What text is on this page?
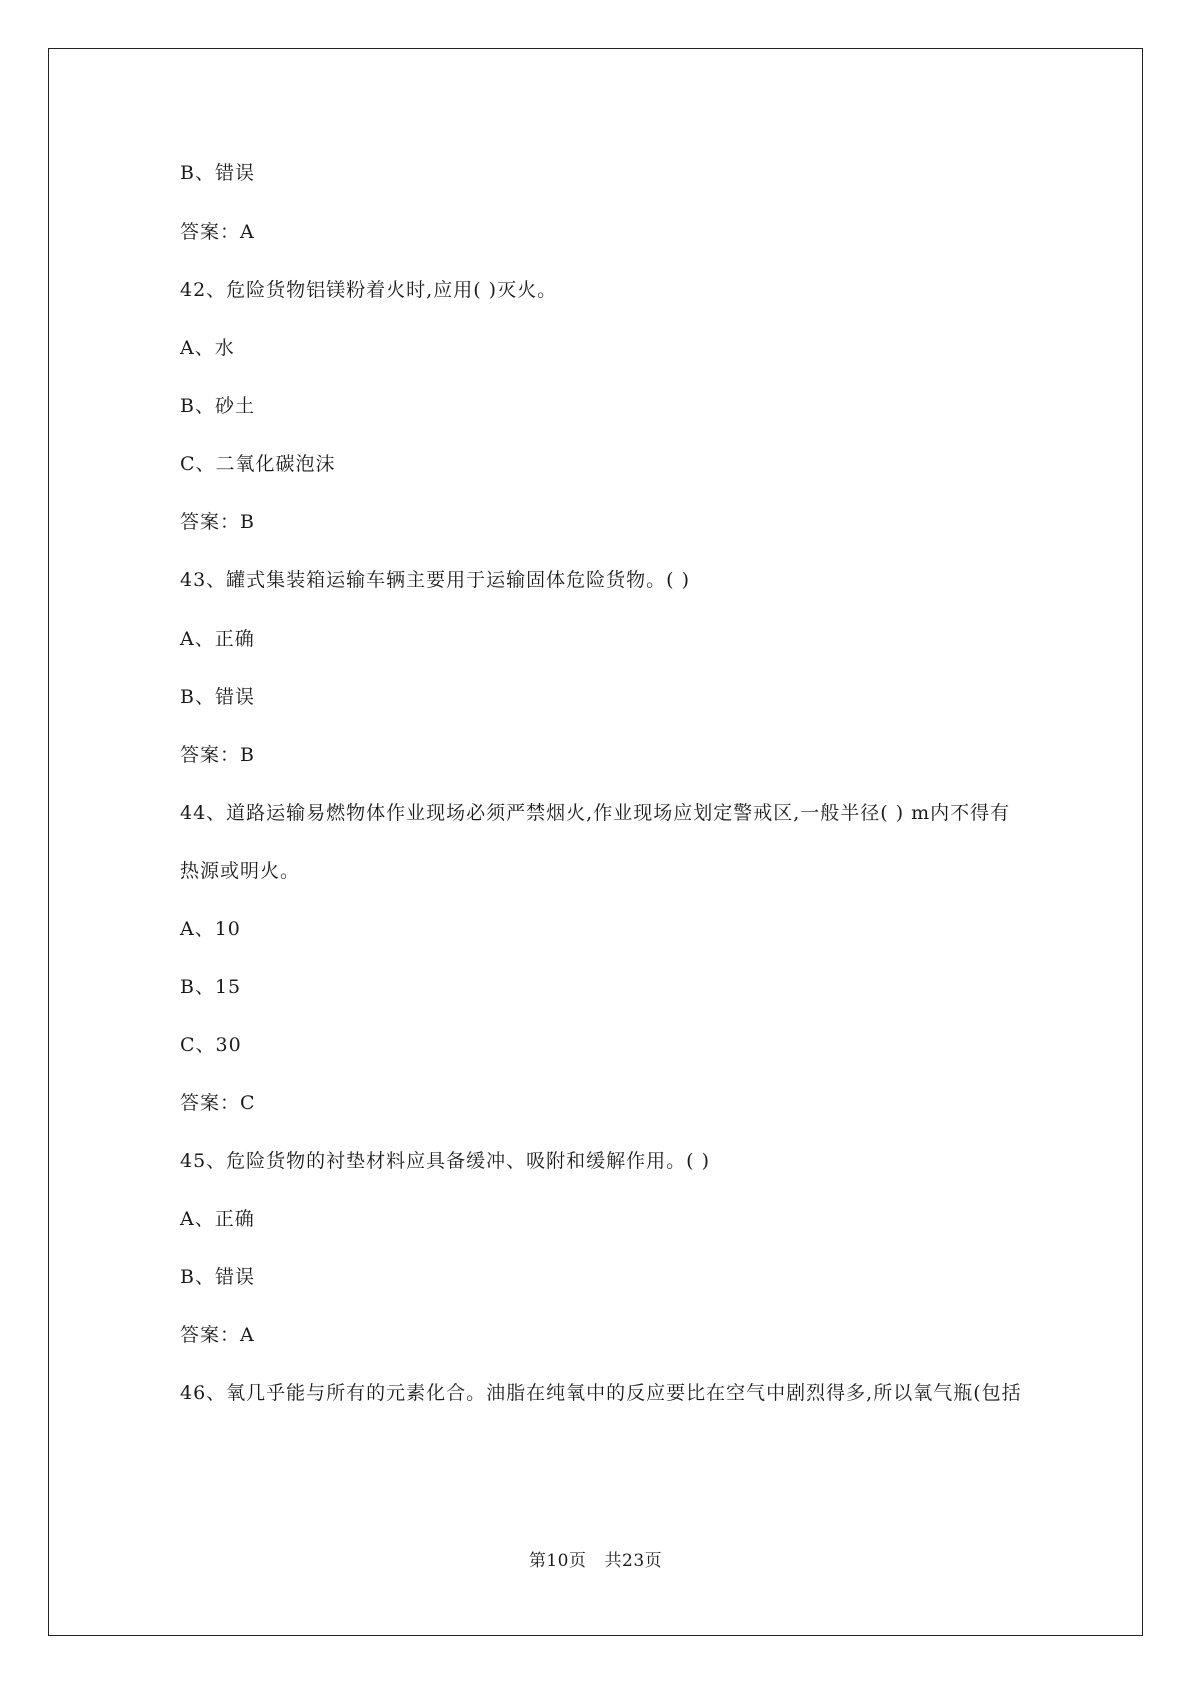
B、错误
答案：A
42、危险货物铝镁粉着火时,应用( )灭火。
A、水
B、砂土
C、二氧化碳泡沫
答案：B
43、罐式集装箱运输车辆主要用于运输固体危险货物。( )
A、正确
B、错误
答案：B
44、道路运输易燃物体作业现场必须严禁烟火,作业现场应划定警戒区,一般半径( ) m内不得有
热源或明火。
A、10
B、15
C、30
答案：C
45、危险货物的衬垫材料应具备缓冲、吸附和缓解作用。( )
A、正确
B、错误
答案：A
46、氧几乎能与所有的元素化合。油脂在纯氧中的反应要比在空气中剧烈得多,所以氧气瓶(包括
第10页 共23页
